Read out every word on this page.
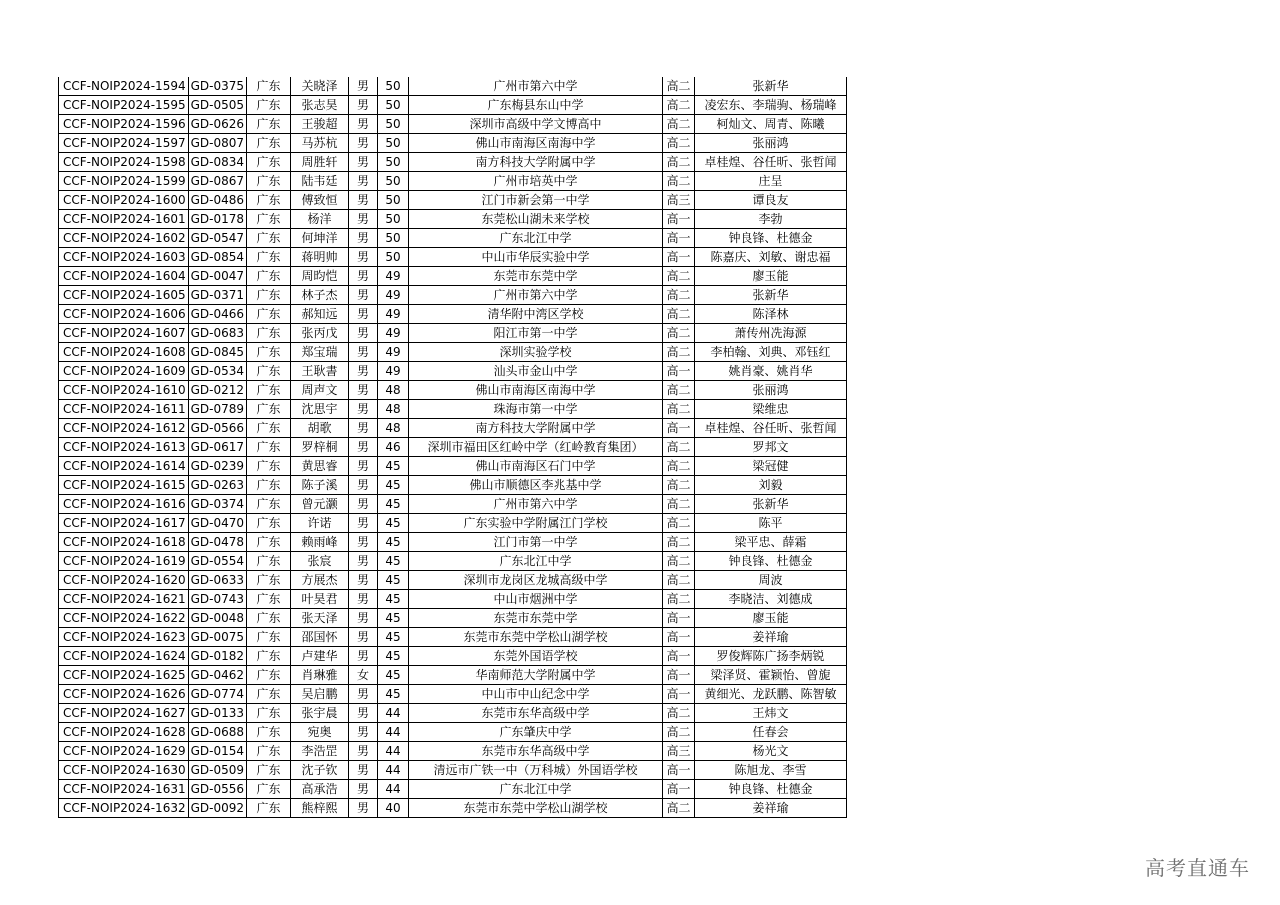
CCF-NOIP2024-1594	GD-0375	广东	关晓泽	男	50	广州市第六中学	高二	张新华
CCF-NOIP2024-1595	GD-0505	广东	张志昊	男	50	广东梅县东山中学	高二	凌宏东、李瑞驹、杨瑞峰
CCF-NOIP2024-1596	GD-0626	广东	王骏超	男	50	深圳市高级中学文博高中	高二	柯灿文、周青、陈曦
CCF-NOIP2024-1597	GD-0807	广东	马苏杭	男	50	佛山市南海区南海中学	高二	张丽鸿
CCF-NOIP2024-1598	GD-0834	广东	周胜轩	男	50	南方科技大学附属中学	高二	卓桂煌、谷任昕、张哲闻
CCF-NOIP2024-1599	GD-0867	广东	陆韦廷	男	50	广州市培英中学	高二	庄呈
CCF-NOIP2024-1600	GD-0486	广东	傅致恒	男	50	江门市新会第一中学	高三	谭良友
CCF-NOIP2024-1601	GD-0178	广东	杨洋	男	50	东莞松山湖未来学校	高一	李勃
CCF-NOIP2024-1602	GD-0547	广东	何坤洋	男	50	广东北江中学	高一	钟良锋、杜德金
CCF-NOIP2024-1603	GD-0854	广东	蒋明帅	男	50	中山市华辰实验中学	高一	陈嘉庆、刘敏、谢忠福
CCF-NOIP2024-1604	GD-0047	广东	周昀恺	男	49	东莞市东莞中学	高二	廖玉能
CCF-NOIP2024-1605	GD-0371	广东	林子杰	男	49	广州市第六中学	高二	张新华
CCF-NOIP2024-1606	GD-0466	广东	郝知远	男	49	清华附中湾区学校	高二	陈泽林
CCF-NOIP2024-1607	GD-0683	广东	张丙戊	男	49	阳江市第一中学	高二	萧传州冼海源
CCF-NOIP2024-1608	GD-0845	广东	郑宝瑞	男	49	深圳实验学校	高二	李柏翰、刘典、邓钰红
CCF-NOIP2024-1609	GD-0534	广东	王耿書	男	49	汕头市金山中学	高一	姚肖豪、姚肖华
CCF-NOIP2024-1610	GD-0212	广东	周声文	男	48	佛山市南海区南海中学	高二	张丽鸿
CCF-NOIP2024-1611	GD-0789	广东	沈思宇	男	48	珠海市第一中学	高二	梁维忠
CCF-NOIP2024-1612	GD-0566	广东	胡歌	男	48	南方科技大学附属中学	高一	卓桂煌、谷任昕、张哲闻
CCF-NOIP2024-1613	GD-0617	广东	罗梓桐	男	46	深圳市福田区红岭中学（红岭教育集团）	高二	罗邦文
CCF-NOIP2024-1614	GD-0239	广东	黄思睿	男	45	佛山市南海区石门中学	高二	梁冠健
CCF-NOIP2024-1615	GD-0263	广东	陈子溪	男	45	佛山市顺德区李兆基中学	高二	刘毅
CCF-NOIP2024-1616	GD-0374	广东	曾元灏	男	45	广州市第六中学	高二	张新华
CCF-NOIP2024-1617	GD-0470	广东	许诺	男	45	广东实验中学附属江门学校	高二	陈平
CCF-NOIP2024-1618	GD-0478	广东	赖雨峰	男	45	江门市第一中学	高二	梁平忠、薛霜
CCF-NOIP2024-1619	GD-0554	广东	张宸	男	45	广东北江中学	高二	钟良锋、杜德金
CCF-NOIP2024-1620	GD-0633	广东	方展杰	男	45	深圳市龙岗区龙城高级中学	高二	周波
CCF-NOIP2024-1621	GD-0743	广东	叶昊君	男	45	中山市烟洲中学	高二	李晓洁、刘德成
CCF-NOIP2024-1622	GD-0048	广东	张天泽	男	45	东莞市东莞中学	高一	廖玉能
CCF-NOIP2024-1623	GD-0075	广东	邵国怀	男	45	东莞市东莞中学松山湖学校	高一	姜祥瑜
CCF-NOIP2024-1624	GD-0182	广东	卢建华	男	45	东莞外国语学校	高一	罗俊辉陈广扬李炳锐
CCF-NOIP2024-1625	GD-0462	广东	肖琳雅	女	45	华南师范大学附属中学	高一	梁泽贤、霍颖怡、曾旎
CCF-NOIP2024-1626	GD-0774	广东	吴启鹏	男	45	中山市中山纪念中学	高一	黄细光、龙跃鹏、陈智敏
CCF-NOIP2024-1627	GD-0133	广东	张宇晨	男	44	东莞市东华高级中学	高二	王炜文
CCF-NOIP2024-1628	GD-0688	广东	宛奥	男	44	广东肇庆中学	高二	任春会
CCF-NOIP2024-1629	GD-0154	广东	李浩罡	男	44	东莞市东华高级中学	高三	杨光文
CCF-NOIP2024-1630	GD-0509	广东	沈子钦	男	44	清远市广铁一中（万科城）外国语学校	高一	陈旭龙、李雪
CCF-NOIP2024-1631	GD-0556	广东	高承浩	男	44	广东北江中学	高一	钟良锋、杜德金
CCF-NOIP2024-1632	GD-0092	广东	熊梓熙	男	40	东莞市东莞中学松山湖学校	高二	姜祥瑜
高考直通车
